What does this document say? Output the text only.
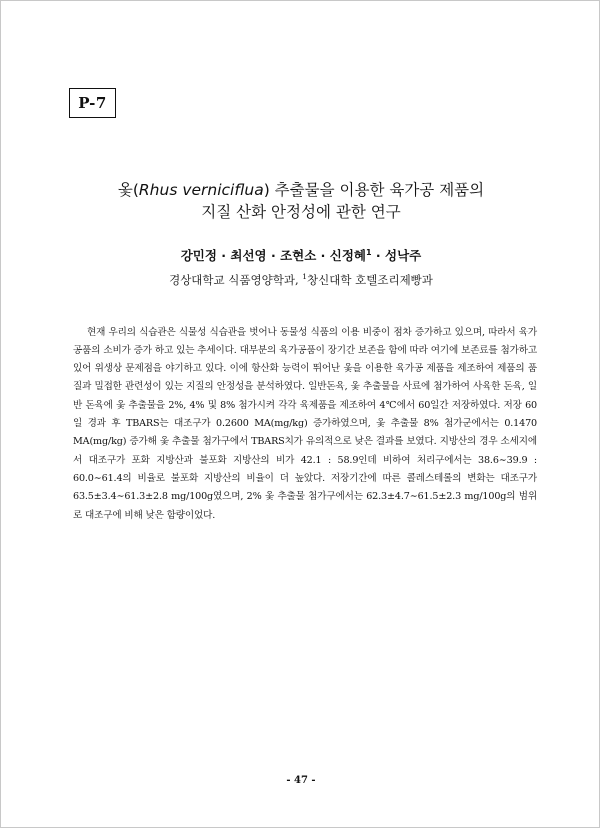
P-7
옻(Rhus verniciflua) 추출물을 이용한 육가공 제품의
지질 산화 안정성에 관한 연구
강민정 · 최선영 · 조현소 · 신정혜$^1$ · 성낙주
경상대학교 식품영양학과, $^1$창신대학 호텔조리제빵과

현재 우리의 식습관은 식물성 식습관을 벗어나 동물성 식품의 이용 비중이 점차 증가하고 있으며, 따라서 육가공품의 소비가 증가 하고 있는 추세이다. 대부분의 육가공품이 장기간 보존을 함에 따라 여기에 보존료를 첨가하고 있어 위생상 문제점을 야기하고 있다. 이에 항산화 능력이 뛰어난 옻을 이용한 육가공 제품을 제조하여 제품의 품질과 밀접한 관련성이 있는 지질의 안정성을 분석하였다. 일반돈육, 옻 추출물을 사료에 첨가하여 사육한 돈육, 일반 돈육에 옻 추출물을 2%, 4% 및 8% 첨가시켜 각각 육제품을 제조하여 4℃에서 60일간 저장하였다. 저장 60일 경과 후 TBARS는 대조구가 0.2600 MA(mg/kg) 증가하였으며, 옻 추출물 8% 첨가군에서는 0.1470 MA(mg/kg) 증가해 옻 추출물 첨가구에서 TBARS치가 유의적으로 낮은 결과를 보였다. 지방산의 경우 소세지에서 대조구가 포화 지방산과 불포화 지방산의 비가 42.1 : 58.9인데 비하여 처리구에서는 38.6∼39.9 : 60.0∼61.4의 비율로 불포화 지방산의 비율이 더 높았다. 저장기간에 따른 콜레스테롤의 변화는 대조구가 63.5±3.4∼61.3±2.8 mg/100g였으며, 2% 옻 추출물 첨가구에서는 62.3±4.7∼61.5±2.3 mg/100g의 범위로 대조구에 비해 낮은 함량이었다.

- 47 -
